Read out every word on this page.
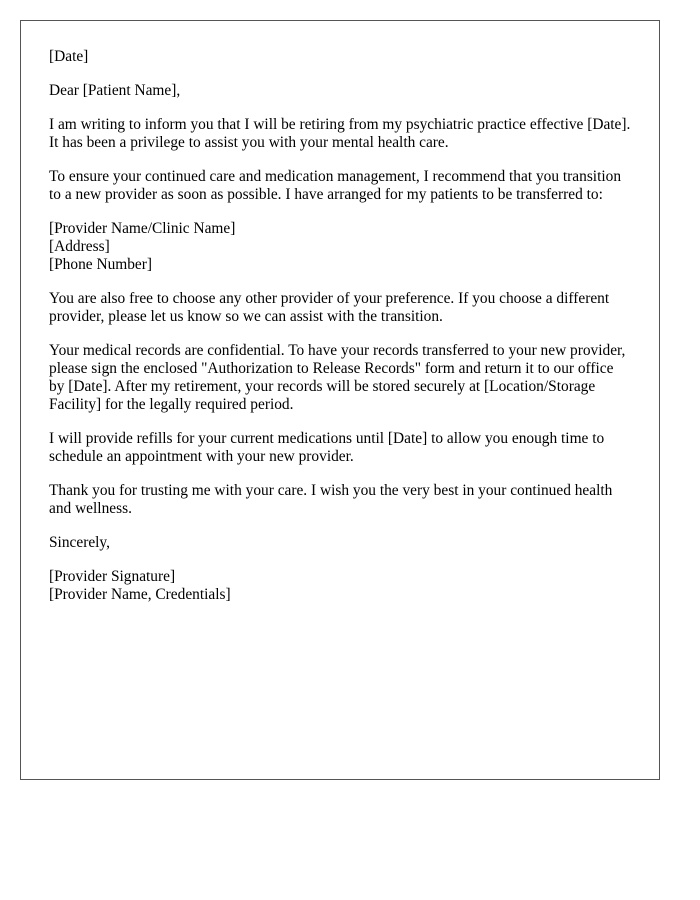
[Date]

Dear [Patient Name],

I am writing to inform you that I will be retiring from my psychiatric practice effective [Date]. It has been a privilege to assist you with your mental health care.

To ensure your continued care and medication management, I recommend that you transition to a new provider as soon as possible. I have arranged for my patients to be transferred to:

[Provider Name/Clinic Name]
[Address]
[Phone Number]

You are also free to choose any other provider of your preference. If you choose a different provider, please let us know so we can assist with the transition.

Your medical records are confidential. To have your records transferred to your new provider, please sign the enclosed "Authorization to Release Records" form and return it to our office by [Date]. After my retirement, your records will be stored securely at [Location/Storage Facility] for the legally required period.

I will provide refills for your current medications until [Date] to allow you enough time to schedule an appointment with your new provider.

Thank you for trusting me with your care. I wish you the very best in your continued health and wellness.

Sincerely,

[Provider Signature]
[Provider Name, Credentials]
